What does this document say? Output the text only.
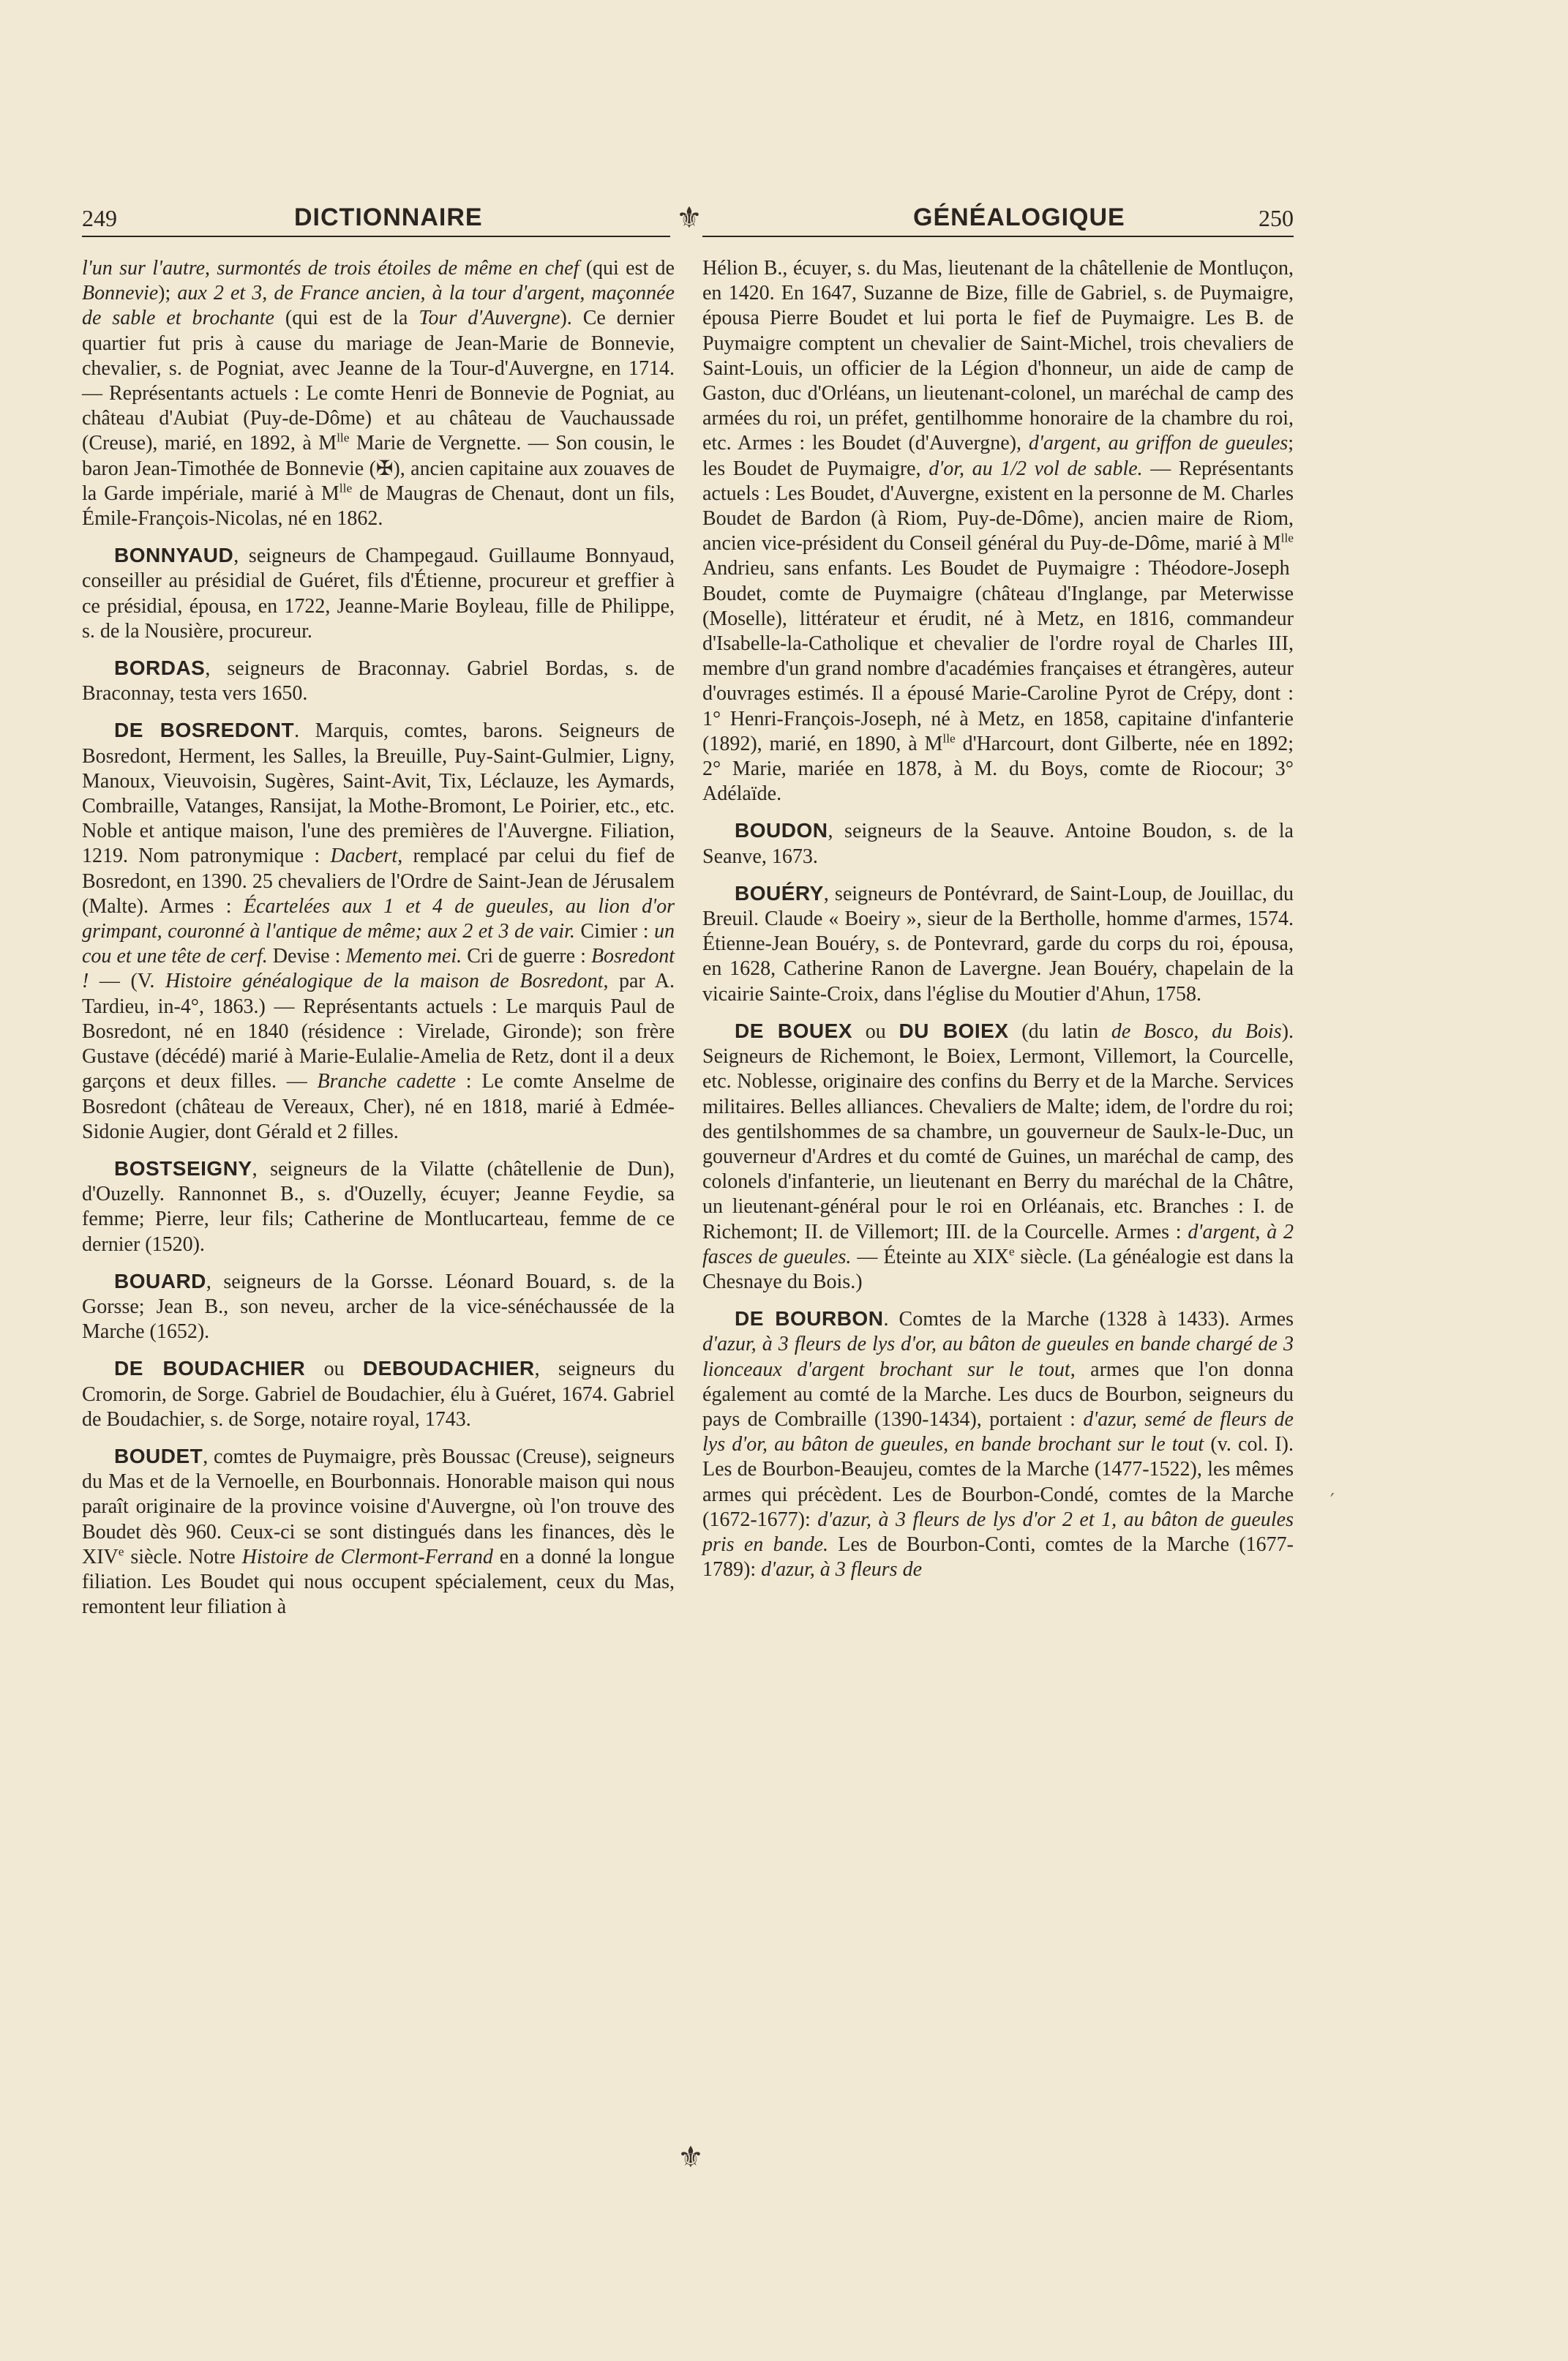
249	DICTIONNAIRE	⚜	GÉNÉALOGIQUE	250

l'un sur l'autre, surmontés de trois étoiles de même en chef (qui est de Bonnevie); aux 2 et 3, de France ancien, à la tour d'argent, maçonnée de sable et brochante (qui est de la Tour d'Auvergne). Ce dernier quartier fut pris à cause du mariage de Jean-Marie de Bonnevie, chevalier, s. de Pogniat, avec Jeanne de la Tour-d'Auvergne, en 1714. — Représentants actuels : Le comte Henri de Bonnevie de Pogniat, au château d'Aubiat (Puy-de-Dôme) et au château de Vauchaussade (Creuse), marié, en 1892, à $M^{lle}$ Marie de Vergnette. — Son cousin, le baron Jean-Timothée de Bonnevie (✠), ancien capitaine aux zouaves de la Garde impériale, marié à $M^{lle}$ de Maugras de Chenaut, dont un fils, Émile-François-Nicolas, né en 1862.

BONNYAUD, seigneurs de Champegaud. Guillaume Bonnyaud, conseiller au présidial de Guéret, fils d'Étienne, procureur et greffier à ce présidial, épousa, en 1722, Jeanne-Marie Boyleau, fille de Philippe, s. de la Nousière, procureur.

BORDAS, seigneurs de Braconnay. Gabriel Bordas, s. de Braconnay, testa vers 1650.

DE BOSREDONT. Marquis, comtes, barons. Seigneurs de Bosredont, Herment, les Salles, la Breuille, Puy-Saint-Gulmier, Ligny, Manoux, Vieuvoisin, Sugères, Saint-Avit, Tix, Léclauze, les Aymards, Combraille, Vatanges, Ransijat, la Mothe-Bromont, Le Poirier, etc., etc. Noble et antique maison, l'une des premières de l'Auvergne. Filiation, 1219. Nom patronymique : Dacbert, remplacé par celui du fief de Bosredont, en 1390. 25 chevaliers de l'Ordre de Saint-Jean de Jérusalem (Malte). Armes : Écartelées aux 1 et 4 de gueules, au lion d'or grimpant, couronné à l'antique de même; aux 2 et 3 de vair. Cimier : un cou et une tête de cerf. Devise : Memento mei. Cri de guerre : Bosredont ! — (V. Histoire généalogique de la maison de Bosredont, par A. Tardieu, in-4°, 1863.) — Représentants actuels : Le marquis Paul de Bosredont, né en 1840 (résidence : Virelade, Gironde); son frère Gustave (décédé) marié à Marie-Eulalie-Amelia de Retz, dont il a deux garçons et deux filles. — Branche cadette : Le comte Anselme de Bosredont (château de Vereaux, Cher), né en 1818, marié à Edmée-Sidonie Augier, dont Gérald et 2 filles.

BOSTSEIGNY, seigneurs de la Vilatte (châtellenie de Dun), d'Ouzelly. Rannonnet B., s. d'Ouzelly, écuyer; Jeanne Feydie, sa femme; Pierre, leur fils; Catherine de Montlucarteau, femme de ce dernier (1520).

BOUARD, seigneurs de la Gorsse. Léonard Bouard, s. de la Gorsse; Jean B., son neveu, archer de la vice-sénéchaussée de la Marche (1652).

DE BOUDACHIER ou DEBOUDACHIER, seigneurs du Cromorin, de Sorge. Gabriel de Boudachier, élu à Guéret, 1674. Gabriel de Boudachier, s. de Sorge, notaire royal, 1743.

BOUDET, comtes de Puymaigre, près Boussac (Creuse), seigneurs du Mas et de la Vernoelle, en Bourbonnais. Honorable maison qui nous paraît originaire de la province voisine d'Auvergne, où l'on trouve des Boudet dès 960. Ceux-ci se sont distingués dans les finances, dès le XIVe siècle. Notre Histoire de Clermont-Ferrand en a donné la longue filiation. Les Boudet qui nous occupent spécialement, ceux du Mas, remontent leur filiation à

Hélion B., écuyer, s. du Mas, lieutenant de la châtellenie de Montluçon, en 1420. En 1647, Suzanne de Bize, fille de Gabriel, s. de Puymaigre, épousa Pierre Boudet et lui porta le fief de Puymaigre. Les B. de Puymaigre comptent un chevalier de Saint-Michel, trois chevaliers de Saint-Louis, un officier de la Légion d'honneur, un aide de camp de Gaston, duc d'Orléans, un lieutenant-colonel, un maréchal de camp des armées du roi, un préfet, gentilhomme honoraire de la chambre du roi, etc. Armes : les Boudet (d'Auvergne), d'argent, au griffon de gueules; les Boudet de Puymaigre, d'or, au 1/2 vol de sable. — Représentants actuels : Les Boudet, d'Auvergne, existent en la personne de M. Charles Boudet de Bardon (à Riom, Puy-de-Dôme), ancien maire de Riom, ancien vice-président du Conseil général du Puy-de-Dôme, marié à $M^{lle}$ Andrieu, sans enfants. Les Boudet de Puymaigre : Théodore-Joseph Boudet, comte de Puymaigre (château d'Inglange, par Meterwisse (Moselle), littérateur et érudit, né à Metz, en 1816, commandeur d'Isabelle-la-Catholique et chevalier de l'ordre royal de Charles III, membre d'un grand nombre d'académies françaises et étrangères, auteur d'ouvrages estimés. Il a épousé Marie-Caroline Pyrot de Crépy, dont : 1° Henri-François-Joseph, né à Metz, en 1858, capitaine d'infanterie (1892), marié, en 1890, à $M^{lle}$ d'Harcourt, dont Gilberte, née en 1892; 2° Marie, mariée en 1878, à M. du Boys, comte de Riocour; 3° Adélaïde.

BOUDON, seigneurs de la Seauve. Antoine Boudon, s. de la Seanve, 1673.

BOUÉRY, seigneurs de Pontévrard, de Saint-Loup, de Jouillac, du Breuil. Claude « Boeiry », sieur de la Bertholle, homme d'armes, 1574. Étienne-Jean Bouéry, s. de Pontevrard, garde du corps du roi, épousa, en 1628, Catherine Ranon de Lavergne. Jean Bouéry, chapelain de la vicairie Sainte-Croix, dans l'église du Moutier d'Ahun, 1758.

DE BOUEX ou DU BOIEX (du latin de Bosco, du Bois). Seigneurs de Richemont, le Boiex, Lermont, Villemort, la Courcelle, etc. Noblesse, originaire des confins du Berry et de la Marche. Services militaires. Belles alliances. Chevaliers de Malte; idem, de l'ordre du roi; des gentilshommes de sa chambre, un gouverneur de Saulx-le-Duc, un gouverneur d'Ardres et du comté de Guines, un maréchal de camp, des colonels d'infanterie, un lieutenant en Berry du maréchal de la Châtre, un lieutenant-général pour le roi en Orléanais, etc. Branches : I. de Richemont; II. de Villemort; III. de la Courcelle. Armes : d'argent, à 2 fasces de gueules. — Éteinte au XIXe siècle. (La généalogie est dans la Chesnaye du Bois.)

DE BOURBON. Comtes de la Marche (1328 à 1433). Armes d'azur, à 3 fleurs de lys d'or, au bâton de gueules en bande chargé de 3 lionceaux d'argent brochant sur le tout, armes que l'on donna également au comté de la Marche. Les ducs de Bourbon, seigneurs du pays de Combraille (1390-1434), portaient : d'azur, semé de fleurs de lys d'or, au bâton de gueules, en bande brochant sur le tout (v. col. I). Les de Bourbon-Beaujeu, comtes de la Marche (1477-1522), les mêmes armes qui précèdent. Les de Bourbon-Condé, comtes de la Marche (1672-1677): d'azur, à 3 fleurs de lys d'or 2 et 1, au bâton de gueules pris en bande. Les de Bourbon-Conti, comtes de la Marche (1677-1789): d'azur, à 3 fleurs de

⚜
′
